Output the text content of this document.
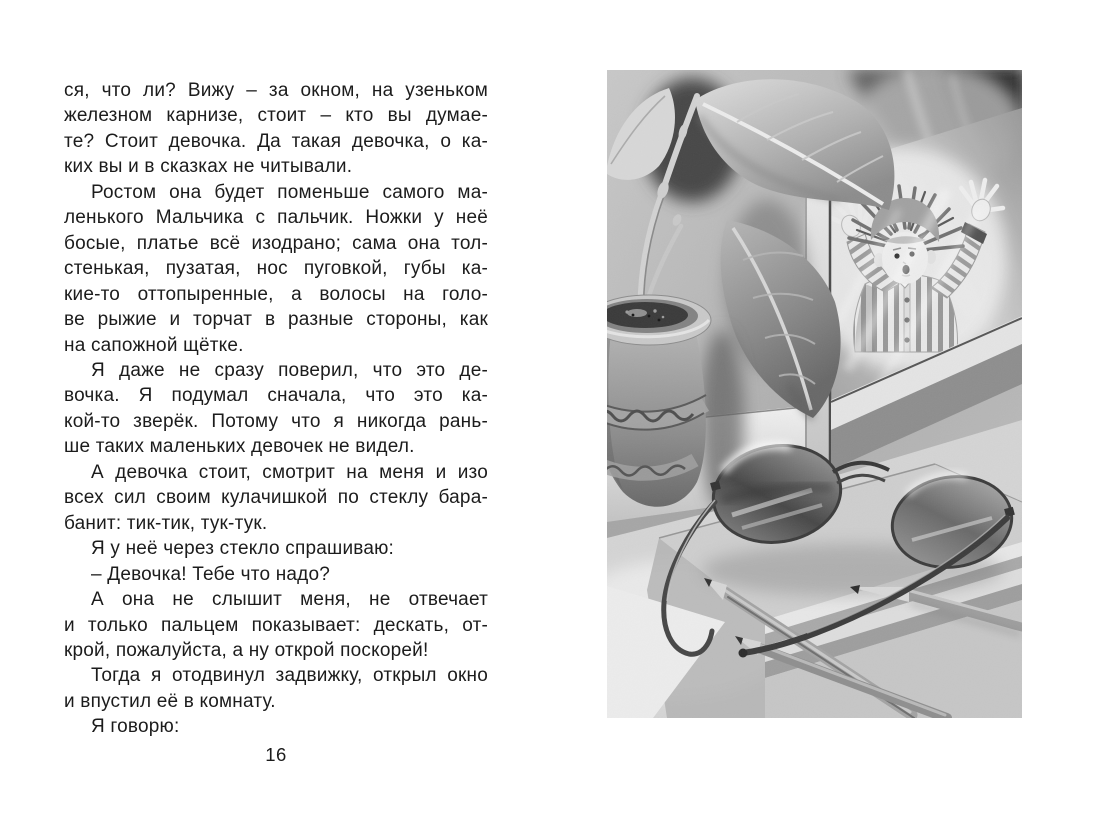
ся, что ли? Вижу – за окном, на узеньком
железном карнизе, стоит – кто вы думае-
те? Стоит девочка. Да такая девочка, о ка-
ких вы и в сказках не читывали.
Ростом она будет поменьше самого ма-
ленького Мальчика с пальчик. Ножки у неё
босые, платье всё изодрано; сама она тол-
стенькая, пузатая, нос пуговкой, губы ка-
кие-то оттопыренные, а волосы на голо-
ве рыжие и торчат в разные стороны, как
на сапожной щётке.
Я даже не сразу поверил, что это де-
вочка. Я подумал сначала, что это ка-
кой-то зверёк. Потому что я никогда рань-
ше таких маленьких девочек не видел.
А девочка стоит, смотрит на меня и изо
всех сил своим кулачишкой по стеклу бара-
банит: тик-тик, тук-тук.
Я у неё через стекло спрашиваю:
– Девочка! Тебе что надо?
А она не слышит меня, не отвечает
и только пальцем показывает: дескать, от-
крой, пожалуйста, а ну открой поскорей!
Тогда я отодвинул задвижку, открыл окно
и впустил её в комнату.
Я говорю:
16
